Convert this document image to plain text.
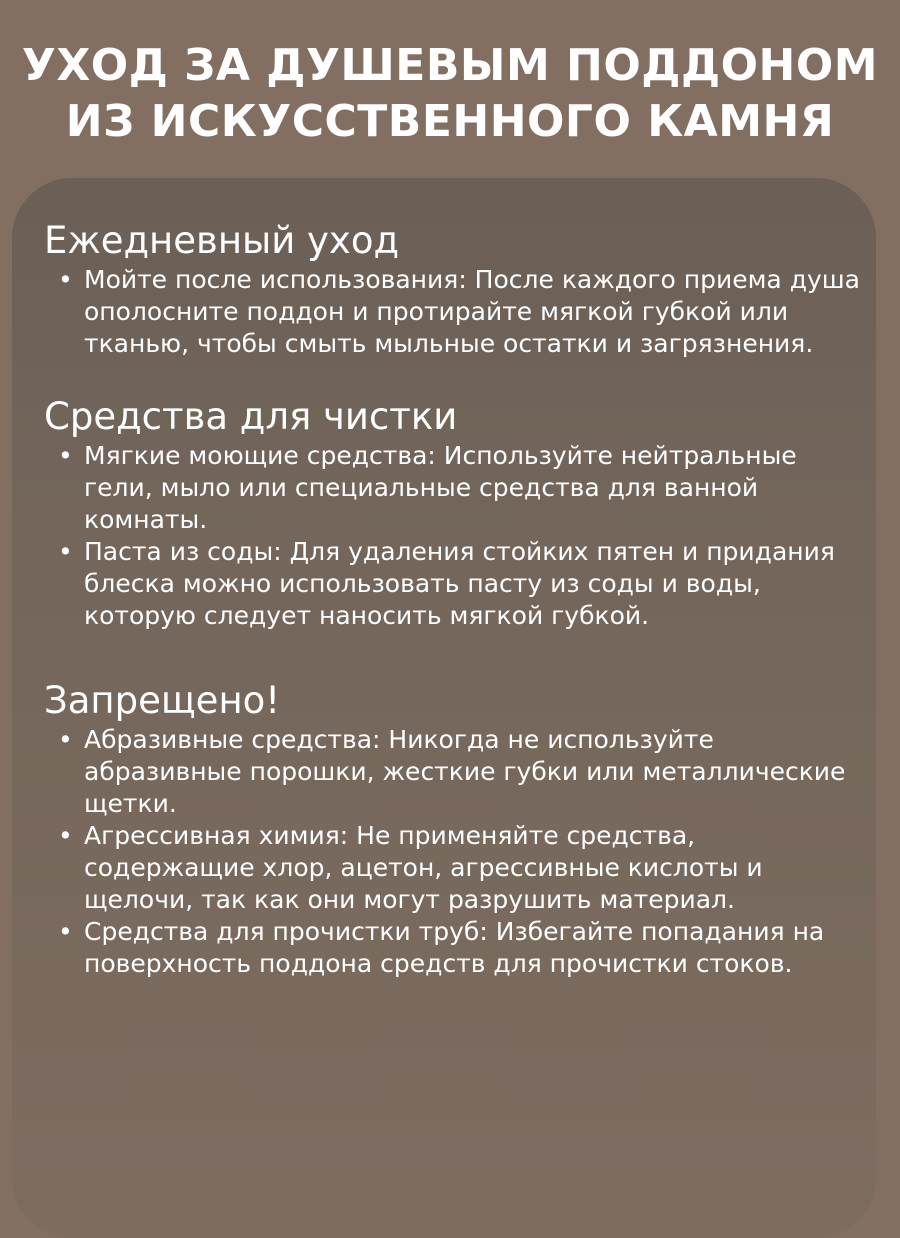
УХОД ЗА ДУШЕВЫМ ПОДДОНОМ
ИЗ ИСКУССТВЕННОГО КАМНЯ
Ежедневный уход
• Мойте после использования: После каждого приема душа ополосните поддон и протирайте мягкой губкой или тканью, чтобы смыть мыльные остатки и загрязнения.
Средства для чистки
• Мягкие моющие средства: Используйте нейтральные гели, мыло или специальные средства для ванной комнаты.
• Паста из соды: Для удаления стойких пятен и придания блеска можно использовать пасту из соды и воды, которую следует наносить мягкой губкой.
Запрещено!
• Абразивные средства: Никогда не используйте абразивные порошки, жесткие губки или металлические щетки.
• Агрессивная химия: Не применяйте средства, содержащие хлор, ацетон, агрессивные кислоты и щелочи, так как они могут разрушить материал.
• Средства для прочистки труб: Избегайте попадания на поверхность поддона средств для прочистки стоков.
